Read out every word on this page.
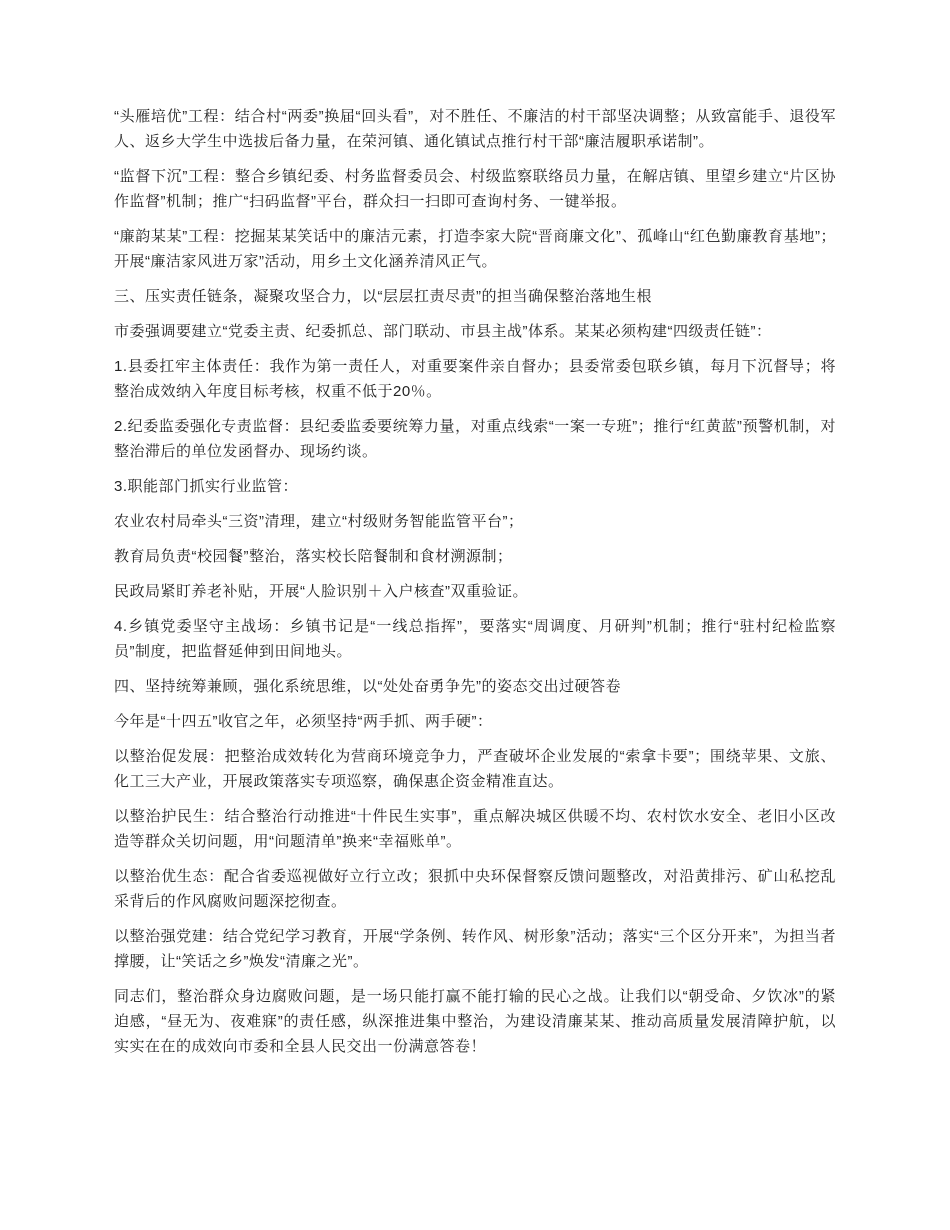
“头雁培优”工程：结合村“两委”换届“回头看”，对不胜任、不廉洁的村干部坚决调整；从致富能手、退役军人、返乡大学生中选拔后备力量，在荣河镇、通化镇试点推行村干部“廉洁履职承诺制”。

“监督下沉”工程：整合乡镇纪委、村务监督委员会、村级监察联络员力量，在解店镇、里望乡建立“片区协作监督”机制；推广“扫码监督”平台，群众扫一扫即可查询村务、一键举报。

“廉韵某某”工程：挖掘某某笑话中的廉洁元素，打造李家大院“晋商廉文化”、孤峰山“红色勤廉教育基地”；开展“廉洁家风进万家”活动，用乡土文化涵养清风正气。

三、压实责任链条，凝聚攻坚合力，以“层层扛责尽责”的担当确保整治落地生根

市委强调要建立“党委主责、纪委抓总、部门联动、市县主战”体系。某某必须构建“四级责任链”：

1.县委扛牢主体责任：我作为第一责任人，对重要案件亲自督办；县委常委包联乡镇，每月下沉督导；将整治成效纳入年度目标考核，权重不低于20％。

2.纪委监委强化专责监督：县纪委监委要统筹力量，对重点线索“一案一专班”；推行“红黄蓝”预警机制，对整治滞后的单位发函督办、现场约谈。

3.职能部门抓实行业监管：

农业农村局牵头“三资”清理，建立“村级财务智能监管平台”；

教育局负责“校园餐”整治，落实校长陪餐制和食材溯源制；

民政局紧盯养老补贴，开展“人脸识别＋入户核查”双重验证。

4.乡镇党委坚守主战场：乡镇书记是“一线总指挥”，要落实“周调度、月研判”机制；推行“驻村纪检监察员”制度，把监督延伸到田间地头。

四、坚持统筹兼顾，强化系统思维，以“处处奋勇争先”的姿态交出过硬答卷

今年是“十四五”收官之年，必须坚持“两手抓、两手硬”：

以整治促发展：把整治成效转化为营商环境竞争力，严查破坏企业发展的“索拿卡要”；围绕苹果、文旅、化工三大产业，开展政策落实专项巡察，确保惠企资金精准直达。

以整治护民生：结合整治行动推进“十件民生实事”，重点解决城区供暖不均、农村饮水安全、老旧小区改造等群众关切问题，用“问题清单”换来“幸福账单”。

以整治优生态：配合省委巡视做好立行立改；狠抓中央环保督察反馈问题整改，对沿黄排污、矿山私挖乱采背后的作风腐败问题深挖彻查。

以整治强党建：结合党纪学习教育，开展“学条例、转作风、树形象”活动；落实“三个区分开来”，为担当者撑腰，让“笑话之乡”焕发“清廉之光”。

同志们，整治群众身边腐败问题，是一场只能打赢不能打输的民心之战。让我们以“朝受命、夕饮冰”的紧迫感，“昼无为、夜难寐”的责任感，纵深推进集中整治，为建设清廉某某、推动高质量发展清障护航，以实实在在的成效向市委和全县人民交出一份满意答卷！
